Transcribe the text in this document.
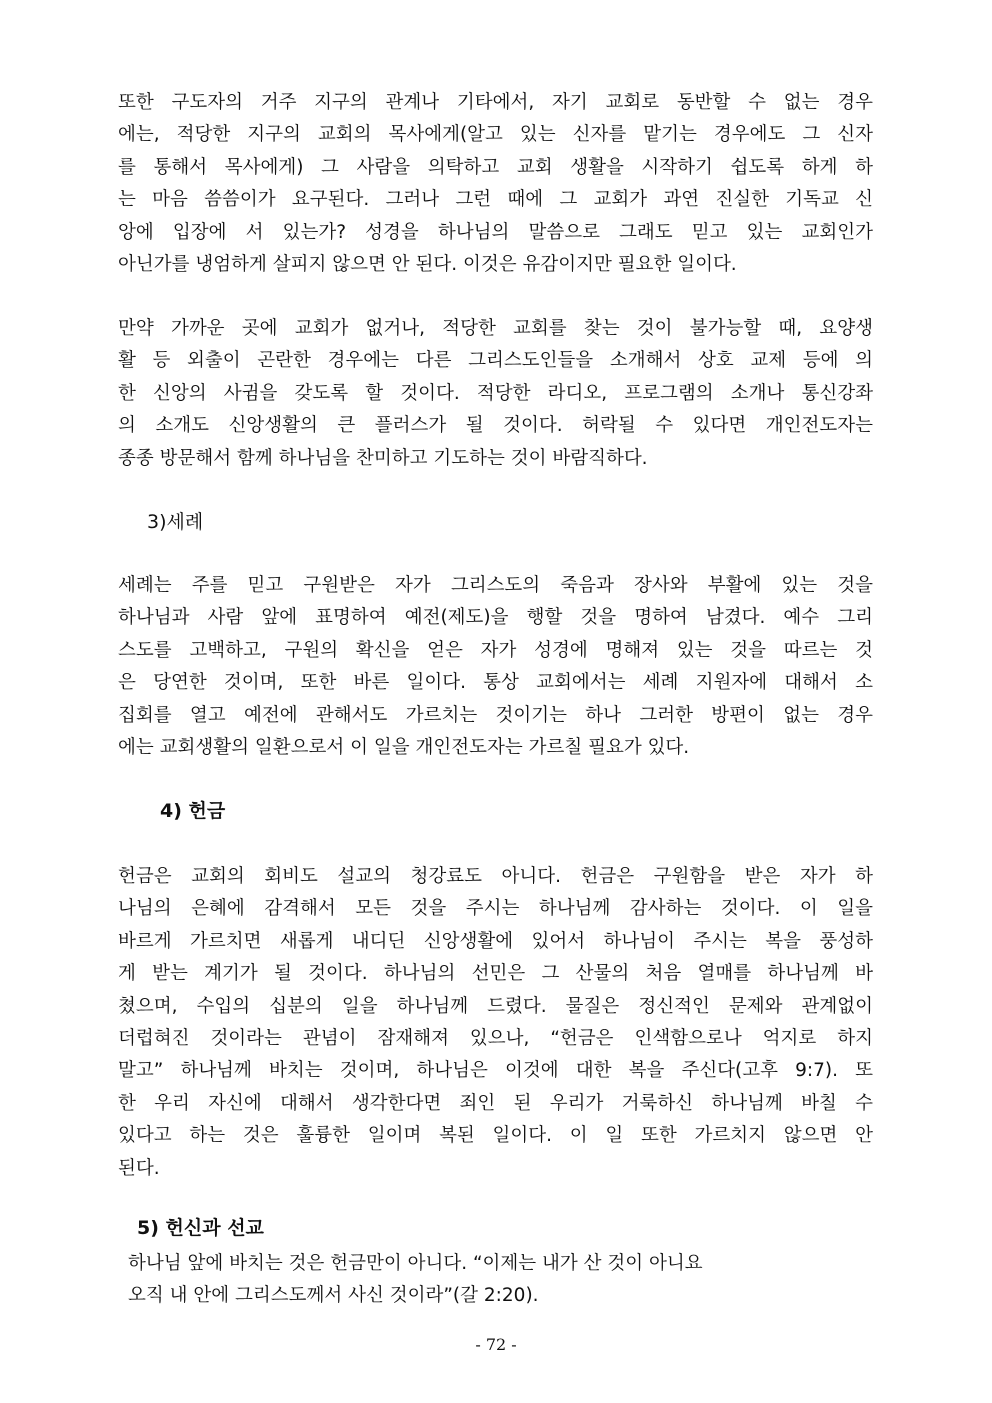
또한 구도자의 거주 지구의 관계나 기타에서, 자기 교회로 동반할 수 없는 경우
에는, 적당한 지구의 교회의 목사에게(알고 있는 신자를 맡기는 경우에도 그 신자
를 통해서 목사에게) 그 사람을 의탁하고 교회 생활을 시작하기 쉽도록 하게 하
는 마음 씀씀이가 요구된다. 그러나 그런 때에 그 교회가 과연 진실한 기독교 신
앙에 입장에 서 있는가? 성경을 하나님의 말씀으로 그래도 믿고 있는 교회인가
아닌가를 냉엄하게 살피지 않으면 안 된다. 이것은 유감이지만 필요한 일이다.
만약 가까운 곳에 교회가 없거나, 적당한 교회를 찾는 것이 불가능할 때, 요양생
활 등 외출이 곤란한 경우에는 다른 그리스도인들을 소개해서 상호 교제 등에 의
한 신앙의 사귐을 갖도록 할 것이다. 적당한 라디오, 프로그램의 소개나 통신강좌
의 소개도 신앙생활의 큰 플러스가 될 것이다. 허락될 수 있다면 개인전도자는
종종 방문해서 함께 하나님을 찬미하고 기도하는 것이 바람직하다.
3)세례
세례는 주를 믿고 구원받은 자가 그리스도의 죽음과 장사와 부활에 있는 것을
하나님과 사람 앞에 표명하여 예전(제도)을 행할 것을 명하여 남겼다. 예수 그리
스도를 고백하고, 구원의 확신을 얻은 자가 성경에 명해져 있는 것을 따르는 것
은 당연한 것이며, 또한 바른 일이다. 통상 교회에서는 세례 지원자에 대해서 소
집회를 열고 예전에 관해서도 가르치는 것이기는 하나 그러한 방편이 없는 경우
에는 교회생활의 일환으로서 이 일을 개인전도자는 가르칠 필요가 있다.
4) 헌금
헌금은 교회의 회비도 설교의 청강료도 아니다. 헌금은 구원함을 받은 자가 하
나님의 은혜에 감격해서 모든 것을 주시는 하나님께 감사하는 것이다. 이 일을
바르게 가르치면 새롭게 내디딘 신앙생활에 있어서 하나님이 주시는 복을 풍성하
게 받는 계기가 될 것이다. 하나님의 선민은 그 산물의 처음 열매를 하나님께 바
쳤으며, 수입의 십분의 일을 하나님께 드렸다. 물질은 정신적인 문제와 관계없이
더럽혀진 것이라는 관념이 잠재해져 있으나, “헌금은 인색함으로나 억지로 하지
말고” 하나님께 바치는 것이며, 하나님은 이것에 대한 복을 주신다(고후 9:7). 또
한 우리 자신에 대해서 생각한다면 죄인 된 우리가 거룩하신 하나님께 바칠 수
있다고 하는 것은 훌륭한 일이며 복된 일이다. 이 일 또한 가르치지 않으면 안
된다.
5) 헌신과 선교
하나님 앞에 바치는 것은 헌금만이 아니다. “이제는 내가 산 것이 아니요
오직 내 안에 그리스도께서 사신 것이라”(갈 2:20).
- 72 -
